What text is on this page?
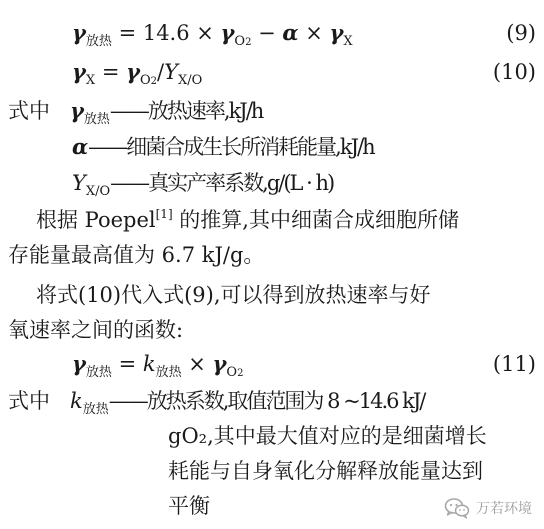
$\gamma_{放热} = 14.6 \times \gamma_{O2} - \alpha \times \gamma_X$	(9)
$\gamma_X = \gamma_{O2}/Y_{X/O}$	(10)
式中 $\gamma_{放热}——$放热速率,kJ/h
α——细菌合成生长所消耗能量,kJ/h
$Y_{X/O}——$真实产率系数,g/(L · h)
根据 Poepel[1] 的推算,其中细菌合成细胞所储
存能量最高值为 6.7 kJ/g。
将式(10)代入式(9),可以得到放热速率与好
氧速率之间的函数:
$\gamma_{放热} = k_{放热} \times \gamma_{O2}$	(11)
式中 $k_{放热}——$放热系数,取值范围为 8 ~14.6 kJ/
gO₂,其中最大值对应的是细菌增长
耗能与自身氧化分解释放能量达到
平衡	万若环境
